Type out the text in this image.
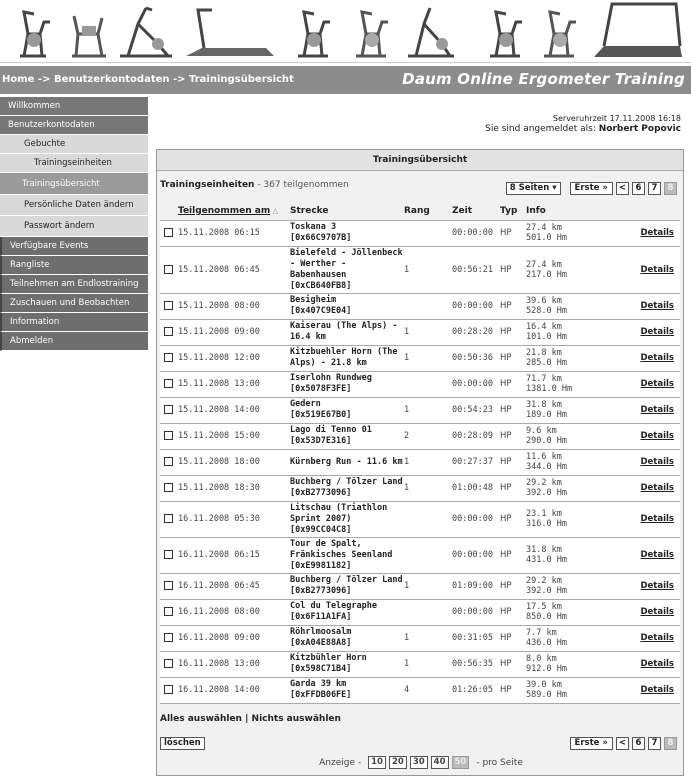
Home -> Benutzerkontodaten -> Trainingsübersicht	Daum Online Ergometer Training
Willkommen
Benutzerkontodaten
Gebuchte
Trainingseinheiten
Trainingsübersicht
Persönliche Daten ändern
Passwort ändern
Verfügbare Events
Rangliste
Teilnehmen am Endlostraining
Zuschauen und Beobachten
Information
Abmelden
Serveruhrzeit 17.11.2008 16:18
Sie sind angemeldet als: Norbert Popovic
Trainingsübersicht
Trainingseinheiten - 367 teilgenommen	8 Seiten ▾	Erste »	<	6	7	8
	Teilgenommen am △	Strecke	Rang	Zeit	Typ	Info	
	15.11.2008 06:15	Toskana 3
[0x66C9707B]		00:00:00	HP	27.4 km
501.0 Hm	Details
	15.11.2008 06:45	Bielefeld - Jöllenbeck - Werther - Babenhausen
[0xCB640FB8]	1	00:56:21	HP	27.4 km
217.0 Hm	Details
	15.11.2008 08:00	Besigheim
[0x407C9E04]		00:00:00	HP	39.6 km
528.0 Hm	Details
	15.11.2008 09:00	Kaiserau (The Alps) - 16.4 km	1	00:28:20	HP	16.4 km
101.0 Hm	Details
	15.11.2008 12:00	Kitzbuehler Horn (The Alps) - 21.8 km	1	00:50:36	HP	21.8 km
285.0 Hm	Details
	15.11.2008 13:00	Iserlohn Rundweg
[0x5078F3FE]		00:00:00	HP	71.7 km
1381.0 Hm	Details
	15.11.2008 14:00	Gedern
[0x519E67B0]	1	00:54:23	HP	31.8 km
189.0 Hm	Details
	15.11.2008 15:00	Lago di Tenno 01
[0x53D7E316]	2	00:28:09	HP	9.6 km
290.0 Hm	Details
	15.11.2008 18:00	Kürnberg Run - 11.6 km	1	00:27:37	HP	11.6 km
344.0 Hm	Details
	15.11.2008 18:30	Buchberg / Tölzer Land
[0xB2773096]	1	01:00:48	HP	29.2 km
392.0 Hm	Details
	16.11.2008 05:30	Litschau (Triathlon Sprint 2007)
[0x99CC04C8]		00:00:00	HP	23.1 km
316.0 Hm	Details
	16.11.2008 06:15	Tour de Spalt, Fränkisches Seenland
[0xE9981182]		00:00:00	HP	31.8 km
431.0 Hm	Details
	16.11.2008 06:45	Buchberg / Tölzer Land
[0xB2773096]	1	01:09:00	HP	29.2 km
392.0 Hm	Details
	16.11.2008 08:00	Col du Telegraphe
[0x6F11A1FA]		00:00:00	HP	17.5 km
850.0 Hm	Details
	16.11.2008 09:00	Röhrlmoosalm
[0xA04E88A8]	1	00:31:05	HP	7.7 km
436.0 Hm	Details
	16.11.2008 13:00	Kitzbühler Horn
[0x598C71B4]	1	00:56:35	HP	8.0 km
912.0 Hm	Details
	16.11.2008 14:00	Garda 39 km
[0xFFDB06FE]	4	01:26:05	HP	39.0 km
589.0 Hm	Details
Alles auswählen | Nichts auswählen
löschen	Erste »	<	6	7	8
Anzeige -	10	20	30	40	50	- pro Seite
